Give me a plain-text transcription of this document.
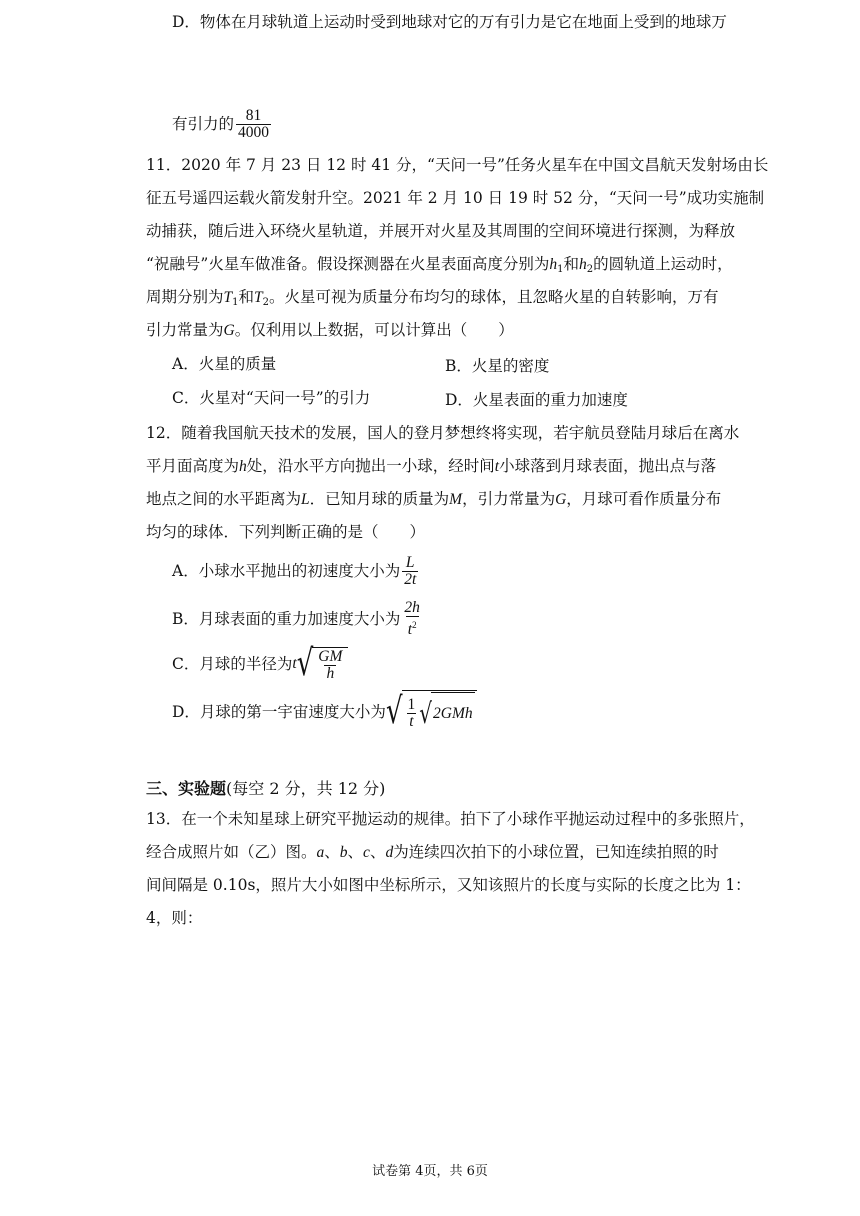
D．物体在月球轨道上运动时受到地球对它的万有引力是它在地面上受到的地球万
有引力的 $\frac{81}{4000}$
11．2020 年 7 月 23 日 12 时 41 分，“天问一号”任务火星车在中国文昌航天发射场由长
征五号遥四运载火箭发射升空。2021 年 2 月 10 日 19 时 52 分，“天问一号”成功实施制
动捕获，随后进入环绕火星轨道，并展开对火星及其周围的空间环境进行探测，为释放
“祝融号”火星车做准备。假设探测器在火星表面高度分别为$h_1$和$h_2$的圆轨道上运动时，
周期分别为$T_1$和$T_2$。火星可视为质量分布均匀的球体，且忽略火星的自转影响，万有
引力常量为G。仅利用以上数据，可以计算出（　　）
A．火星的质量	B．火星的密度
C．火星对“天问一号”的引力	D．火星表面的重力加速度
12．随着我国航天技术的发展，国人的登月梦想终将实现，若宇航员登陆月球后在离水
平月面高度为h处，沿水平方向抛出一小球，经时间t小球落到月球表面，抛出点与落
地点之间的水平距离为L．已知月球的质量为M，引力常量为G，月球可看作质量分布
均匀的球体．下列判断正确的是（　　）
A．小球水平抛出的初速度大小为 $\frac{L}{2t}$
B．月球表面的重力加速度大小为 $\frac{2h}{t^2}$
C．月球的半径为 t √ $\frac{GM}{h}$
D．月球的第一宇宙速度大小为 √ $\frac{1}{t}$ √ 2GMh
三、实验题(每空 2 分，共 12 分)
13．在一个未知星球上研究平抛运动的规律。拍下了小球作平抛运动过程中的多张照片，
经合成照片如（乙）图。a、b、c、d为连续四次拍下的小球位置，已知连续拍照的时
间间隔是 0.10s，照片大小如图中坐标所示，又知该照片的长度与实际的长度之比为 1：
4，则：
试卷第 4页，共 6页
